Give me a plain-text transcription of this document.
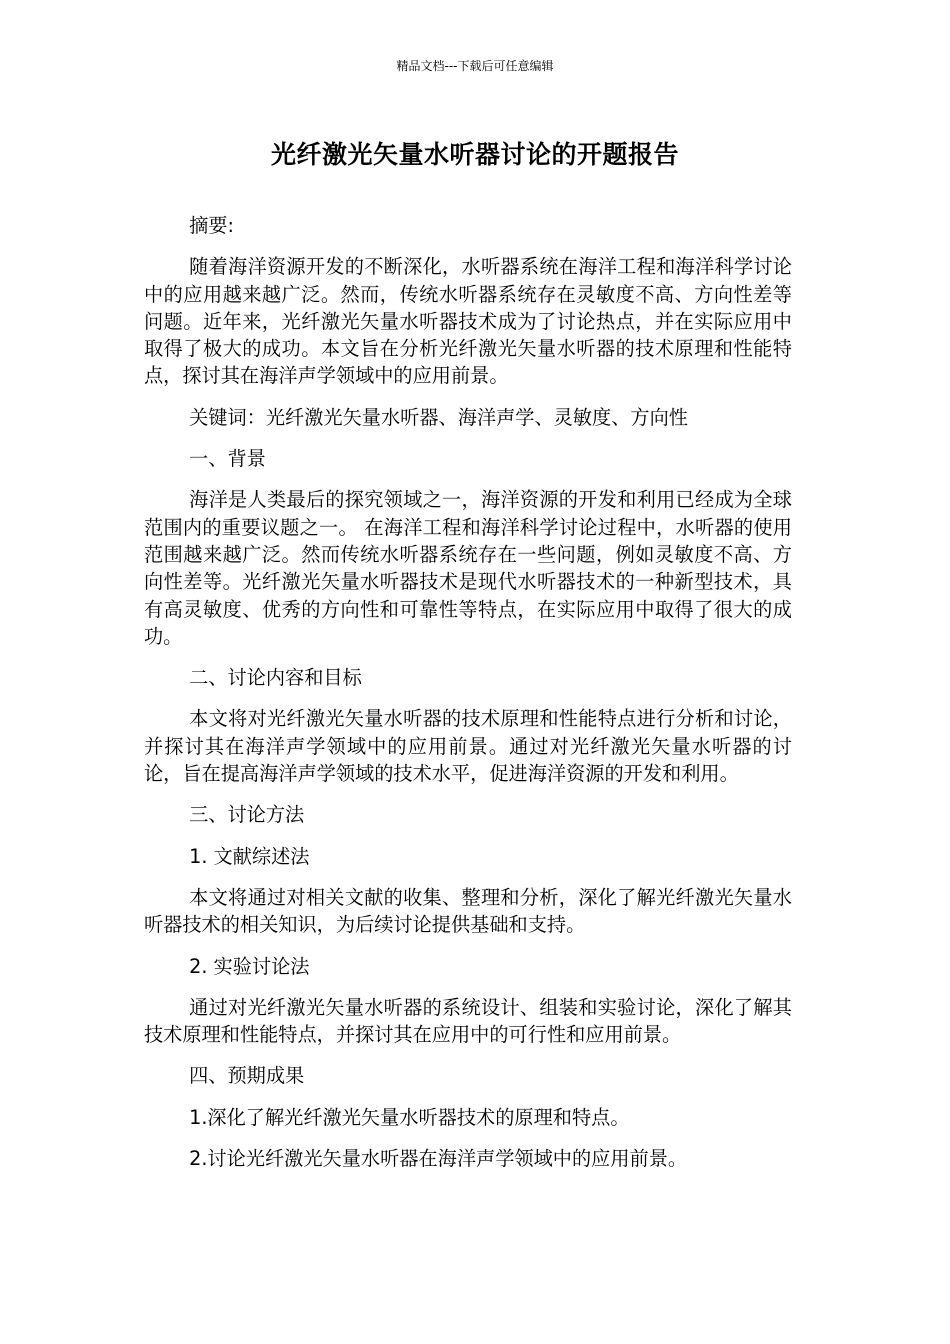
精品文档---下载后可任意编辑
光纤激光矢量水听器讨论的开题报告

摘要:

随着海洋资源开发的不断深化，水听器系统在海洋工程和海洋科学讨论中的应用越来越广泛。然而，传统水听器系统存在灵敏度不高、方向性差等问题。近年来，光纤激光矢量水听器技术成为了讨论热点，并在实际应用中取得了极大的成功。本文旨在分析光纤激光矢量水听器的技术原理和性能特点，探讨其在海洋声学领域中的应用前景。

关键词：光纤激光矢量水听器、海洋声学、灵敏度、方向性

一、背景

海洋是人类最后的探究领域之一，海洋资源的开发和利用已经成为全球范围内的重要议题之一。 在海洋工程和海洋科学讨论过程中，水听器的使用范围越来越广泛。然而传统水听器系统存在一些问题，例如灵敏度不高、方向性差等。光纤激光矢量水听器技术是现代水听器技术的一种新型技术，具有高灵敏度、优秀的方向性和可靠性等特点，在实际应用中取得了很大的成功。

二、讨论内容和目标

本文将对光纤激光矢量水听器的技术原理和性能特点进行分析和讨论，并探讨其在海洋声学领域中的应用前景。通过对光纤激光矢量水听器的讨论，旨在提高海洋声学领域的技术水平，促进海洋资源的开发和利用。

三、讨论方法

1. 文献综述法

本文将通过对相关文献的收集、整理和分析，深化了解光纤激光矢量水听器技术的相关知识，为后续讨论提供基础和支持。

2. 实验讨论法

通过对光纤激光矢量水听器的系统设计、组装和实验讨论，深化了解其技术原理和性能特点，并探讨其在应用中的可行性和应用前景。

四、预期成果

1.深化了解光纤激光矢量水听器技术的原理和特点。

2.讨论光纤激光矢量水听器在海洋声学领域中的应用前景。
